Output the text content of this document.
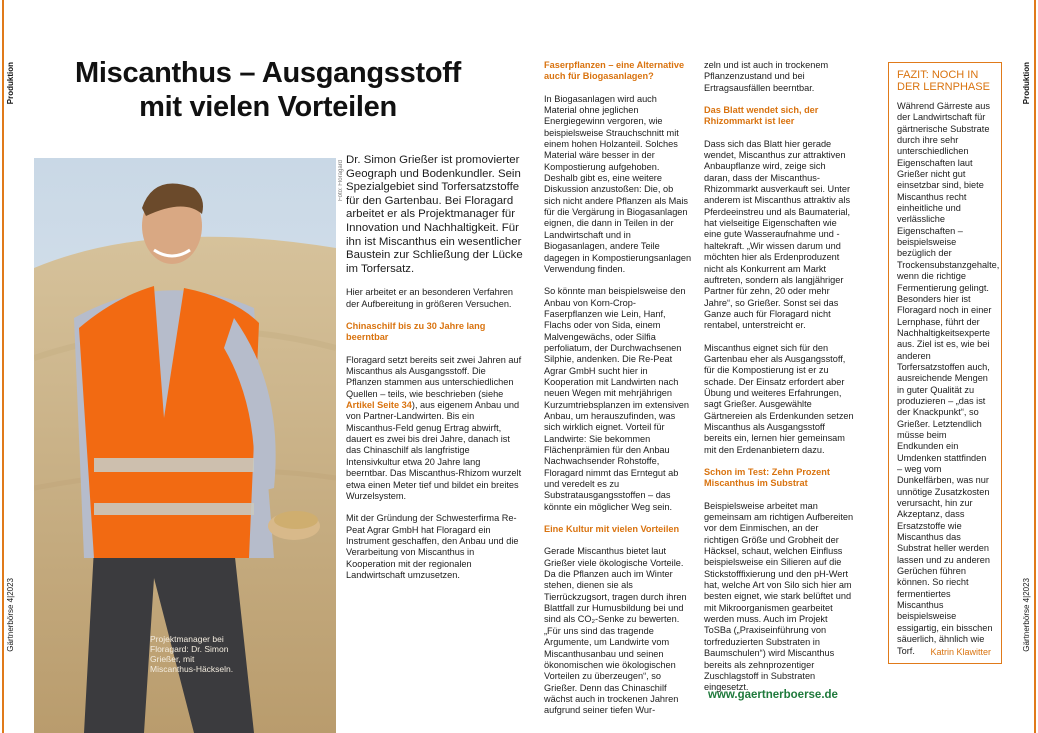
Produktion
Gärtnerbörse 4|2023
Produktion
Gärtnerbörse 4|2023
Miscanthus – Ausgangsstoff mit vielen Vorteilen
Foto: Floragard
Projektmanager bei Floragard: Dr. Simon Grießer, mit Miscanthus-Häckseln.

Dr. Simon Grießer ist promovierter Geograph und Bodenkundler. Sein Spezialgebiet sind Torfersatzstoffe für den Gartenbau. Bei Floragard arbeitet er als Projektmanager für Innovation und Nachhaltigkeit. Für ihn ist Miscanthus ein wesentlicher Baustein zur Schließung der Lücke im Torfersatz.

Hier arbeitet er an besonderen Verfahren der Aufbereitung in größeren Versuchen.

Chinaschilf bis zu 30 Jahre lang beerntbar

Floragard setzt bereits seit zwei Jahren auf Miscanthus als Ausgangsstoff. Die Pflanzen stammen aus unterschiedlichen Quellen – teils, wie beschrieben (siehe Artikel Seite 34), aus eigenem Anbau und von Partner-Landwirten. Bis ein Miscanthus-Feld genug Ertrag abwirft, dauert es zwei bis drei Jahre, danach ist das Chinaschilf als langfristige Intensivkultur etwa 20 Jahre lang beerntbar. Das Miscanthus-Rhizom wurzelt etwa einen Meter tief und bildet ein breites Wurzelsystem.

Mit der Gründung der Schwesterfirma Re-Peat Agrar GmbH hat Floragard ein Instrument geschaffen, den Anbau und die Verarbeitung von Miscanthus in Kooperation mit der regionalen Landwirtschaft umzusetzen.

Faserpflanzen – eine Alternative auch für Biogasanlagen?

In Biogasanlagen wird auch Material ohne jeglichen Energiegewinn vergoren, wie beispielsweise Strauchschnitt mit einem hohen Holzanteil. Solches Material wäre besser in der Kompostierung aufgehoben. Deshalb gibt es, eine weitere Diskussion anzustoßen: Die, ob sich nicht andere Pflanzen als Mais für die Vergärung in Biogasanlagen eignen, die dann in Teilen in der Landwirtschaft und in Biogasanlagen, andere Teile dagegen in Kompostierungsanlagen Verwendung finden.

So könnte man beispielsweise den Anbau von Korn-Crop-Faserpflanzen wie Lein, Hanf, Flachs oder von Sida, einem Malvengewächs, oder Silfia perfoliatum, der Durchwachsenen Silphie, andenken. Die Re-Peat Agrar GmbH sucht hier in Kooperation mit Landwirten nach neuen Wegen mit mehrjährigen Kurzumtriebsplanzen im extensiven Anbau, um herauszufinden, was sich wirklich eignet. Vorteil für Landwirte: Sie bekommen Flächenprämien für den Anbau Nachwachsender Rohstoffe, Floragard nimmt das Erntegut ab und veredelt es zu Substratausgangsstoffen – das könnte ein möglicher Weg sein.

Eine Kultur mit vielen Vorteilen

Gerade Miscanthus bietet laut Grießer viele ökologische Vorteile. Da die Pflanzen auch im Winter stehen, dienen sie als Tierrückzugsort, tragen durch ihren Blattfall zur Humusbildung bei und sind als CO₂-Senke zu bewerten. „Für uns sind das tragende Argumente, um Landwirte vom Miscanthusanbau und seinen ökonomischen wie ökologischen Vorteilen zu überzeugen“, so Grießer. Denn das Chinaschilf wächst auch in trockenen Jahren aufgrund seiner tiefen Wur-

zeln und ist auch in trockenem Pflanzenzustand und bei Ertragsausfällen beerntbar.

Das Blatt wendet sich, der Rhizommarkt ist leer

Dass sich das Blatt hier gerade wendet, Miscanthus zur attraktiven Anbaupflanze wird, zeige sich daran, dass der Miscanthus-Rhizommarkt ausverkauft sei. Unter anderem ist Miscanthus attraktiv als Pferdeeinstreu und als Baumaterial, hat vielseitige Eigenschaften wie eine gute Wasseraufnahme und -haltekraft. „Wir wissen darum und möchten hier als Erdenproduzent nicht als Konkurrent am Markt auftreten, sondern als langjähriger Partner für zehn, 20 oder mehr Jahre“, so Grießer. Sonst sei das Ganze auch für Floragard nicht rentabel, unterstreicht er.

Miscanthus eignet sich für den Gartenbau eher als Ausgangsstoff, für die Kompostierung ist er zu schade. Der Einsatz erfordert aber Übung und weiteres Erfahrungen, sagt Grießer. Ausgewählte Gärtnereien als Erdenkunden setzen Miscanthus als Ausgangsstoff bereits ein, lernen hier gemeinsam mit den Erdenanbietern dazu.

Schon im Test: Zehn Prozent Miscanthus im Substrat

Beispielsweise arbeitet man gemeinsam am richtigen Aufbereiten vor dem Einmischen, an der richtigen Größe und Grobheit der Häcksel, schaut, welchen Einfluss beispielsweise ein Silieren auf die Stickstofffixierung und den pH-Wert hat, welche Art von Silo sich hier am besten eignet, wie stark belüftet und mit Mikroorganismen gearbeitet werden muss. Auch im Projekt ToSBa („Praxiseinführung von torfreduzierten Substraten in Baumschulen“) wird Miscanthus bereits als zehnprozentiger Zuschlagstoff in Substraten eingesetzt.

FAZIT: NOCH IN DER LERNPHASE

Während Gärreste aus der Landwirtschaft für gärtnerische Substrate durch ihre sehr unterschiedlichen Eigenschaften laut Grießer nicht gut einsetzbar sind, biete Miscanthus recht einheitliche und verlässliche Eigenschaften – beispielsweise bezüglich der Trockensubstanzgehalte, wenn die richtige Fermentierung gelingt. Besonders hier ist Floragard noch in einer Lernphase, führt der Nachhaltigkeitsexperte aus. Ziel ist es, wie bei anderen Torfersatzstoffen auch, ausreichende Mengen in guter Qualität zu produzieren – „das ist der Knackpunkt“, so Grießer. Letztendlich müsse beim Endkunden ein Umdenken stattfinden – weg vom Dunkelfärben, was nur unnötige Zusatzkosten verursacht, hin zur Akzeptanz, dass Ersatzstoffe wie Miscanthus das Substrat heller werden lassen und zu anderen Gerüchen führen können. So riecht fermentiertes Miscanthus beispielsweise essigartig, ein bisschen säuerlich, ähnlich wie Torf.	Katrin Klawitter
www.gaertnerboerse.de
